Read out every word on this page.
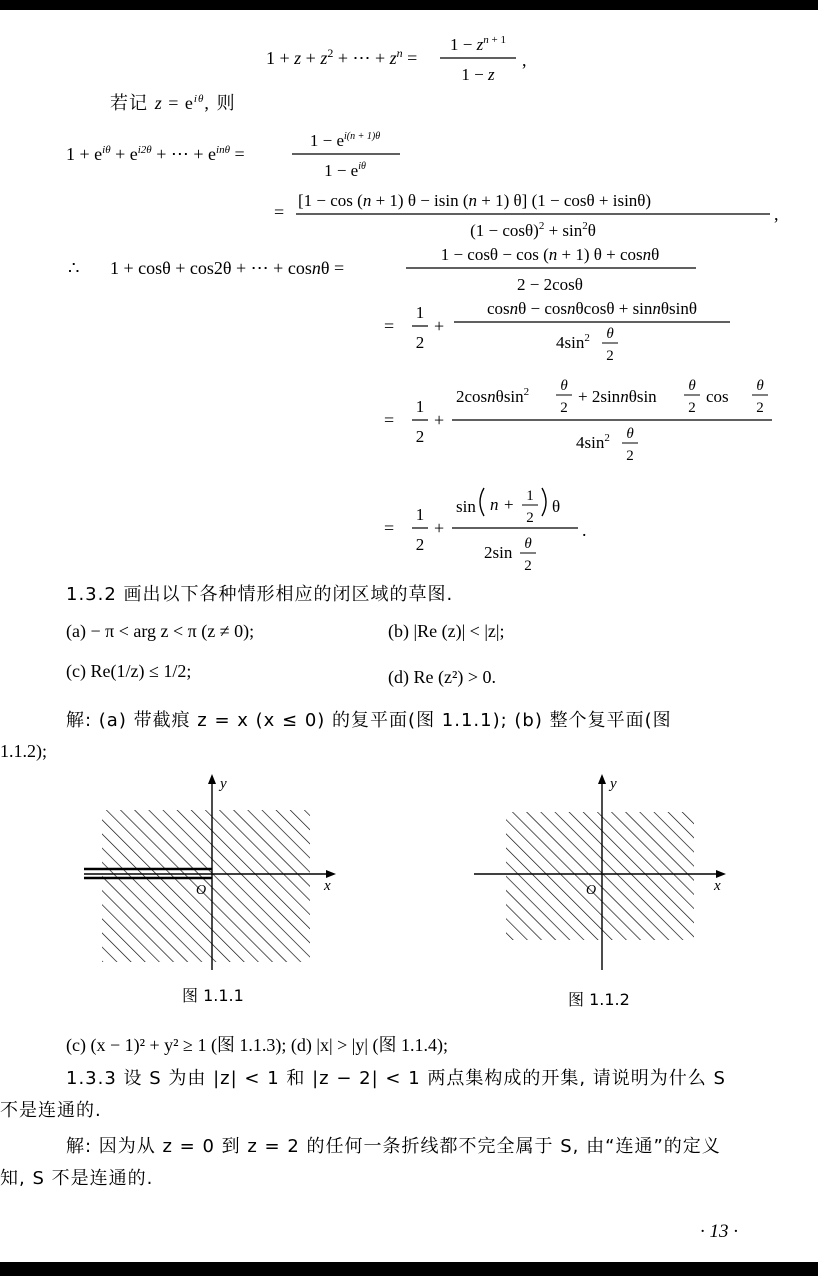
$1 + z + z^2$ + ⋯ + $z^n$ =
$1 - z^n + 1$
1 − z
,
若记 $z = e^{i\theta}$, 则
$1 + e^{i\theta} + e^{i2\theta}$ + ⋯ + $e^{in\theta}$ =
$1 - e^{i(n + 1)\theta}$
$1 - e^{i\theta}$
=
[1 − cos (n + 1) θ − isin (n + 1) θ] (1 − cosθ + isinθ)
$(1 - \cos\theta)^2 + \sin^2\theta$
,
∴ 1 + cosθ + cos2θ + ⋯ + cosnθ =
1 − cosθ − cos (n + 1) θ + cosnθ
2 − 2cosθ
=
1
2
+
cosnθ − cosnθcosθ + sinnθsinθ
$4\sin^2$ θ
2
=
1
2
+
2cosnθsin$^2$ θ
2
+ 2sinnθsin
θ
2
cos
θ
2
$4\sin^2$ θ
2
=
1
2
+
sin n + 1
2
θ
2sin θ
2
.
1.3.2 画出以下各种情形相应的闭区域的草图.
(a) − π < arg z < π (z ≠ 0);	(b) |Re (z)| < |z|;
(c) Re(1/z) ≤ 1/2;	(d) Re (z²) > 0.
解: (a) 带截痕 z = x (x ≤ 0) 的复平面(图 1.1.1); (b) 整个复平面(图
1.1.2);
x
y
O
图 1.1.1
x
y
O
图 1.1.2
(c) (x − 1)² + y² ≥ 1 (图 1.1.3); (d) |x| > |y| (图 1.1.4);
1.3.3 设 S 为由 |z| < 1 和 |z − 2| < 1 两点集构成的开集, 请说明为什么 S
不是连通的.
解: 因为从 z = 0 到 z = 2 的任何一条折线都不完全属于 S, 由“连通”的定义
知, S 不是连通的.
· 13 ·
